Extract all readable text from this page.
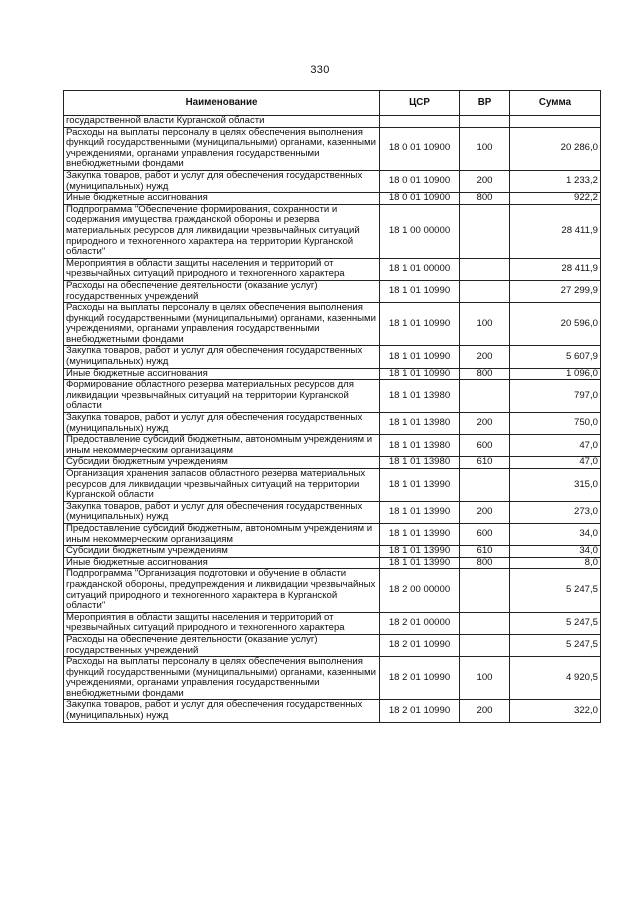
330
Наименование	ЦСР	ВР	Сумма
государственной власти Курганской области			
Расходы на выплаты персоналу в целях обеспечения выполнения функций государственными (муниципальными) органами, казенными учреждениями, органами управления государственными внебюджетными фондами	18 0 01 10900	100	20 286,0
Закупка товаров, работ и услуг для обеспечения государственных (муниципальных) нужд	18 0 01 10900	200	1 233,2
Иные бюджетные ассигнования	18 0 01 10900	800	922,2
Подпрограмма "Обеспечение формирования, сохранности и содержания имущества гражданской обороны и резерва материальных ресурсов для ликвидации чрезвычайных ситуаций природного и техногенного характера на территории Курганской области"	18 1 00 00000		28 411,9
Мероприятия в области защиты населения и территорий от чрезвычайных ситуаций природного и техногенного характера	18 1 01 00000		28 411,9
Расходы на обеспечение деятельности (оказание услуг) государственных учреждений	18 1 01 10990		27 299,9
Расходы на выплаты персоналу в целях обеспечения выполнения функций государственными (муниципальными) органами, казенными учреждениями, органами управления государственными внебюджетными фондами	18 1 01 10990	100	20 596,0
Закупка товаров, работ и услуг для обеспечения государственных (муниципальных) нужд	18 1 01 10990	200	5 607,9
Иные бюджетные ассигнования	18 1 01 10990	800	1 096,0
Формирование областного резерва материальных ресурсов для ликвидации чрезвычайных ситуаций на территории Курганской области	18 1 01 13980		797,0
Закупка товаров, работ и услуг для обеспечения государственных (муниципальных) нужд	18 1 01 13980	200	750,0
Предоставление субсидий бюджетным, автономным учреждениям и иным некоммерческим организациям	18 1 01 13980	600	47,0
Субсидии бюджетным учреждениям	18 1 01 13980	610	47,0
Организация хранения запасов областного резерва материальных ресурсов для ликвидации чрезвычайных ситуаций на территории Курганской области	18 1 01 13990		315,0
Закупка товаров, работ и услуг для обеспечения государственных (муниципальных) нужд	18 1 01 13990	200	273,0
Предоставление субсидий бюджетным, автономным учреждениям и иным некоммерческим организациям	18 1 01 13990	600	34,0
Субсидии бюджетным учреждениям	18 1 01 13990	610	34,0
Иные бюджетные ассигнования	18 1 01 13990	800	8,0
Подпрограмма "Организация подготовки и обучение в области гражданской обороны, предупреждения и ликвидации чрезвычайных ситуаций природного и техногенного характера в Курганской области"	18 2 00 00000		5 247,5
Мероприятия в области защиты населения и территорий от чрезвычайных ситуаций природного и техногенного характера	18 2 01 00000		5 247,5
Расходы на обеспечение деятельности (оказание услуг) государственных учреждений	18 2 01 10990		5 247,5
Расходы на выплаты персоналу в целях обеспечения выполнения функций государственными (муниципальными) органами, казенными учреждениями, органами управления государственными внебюджетными фондами	18 2 01 10990	100	4 920,5
Закупка товаров, работ и услуг для обеспечения государственных (муниципальных) нужд	18 2 01 10990	200	322,0
